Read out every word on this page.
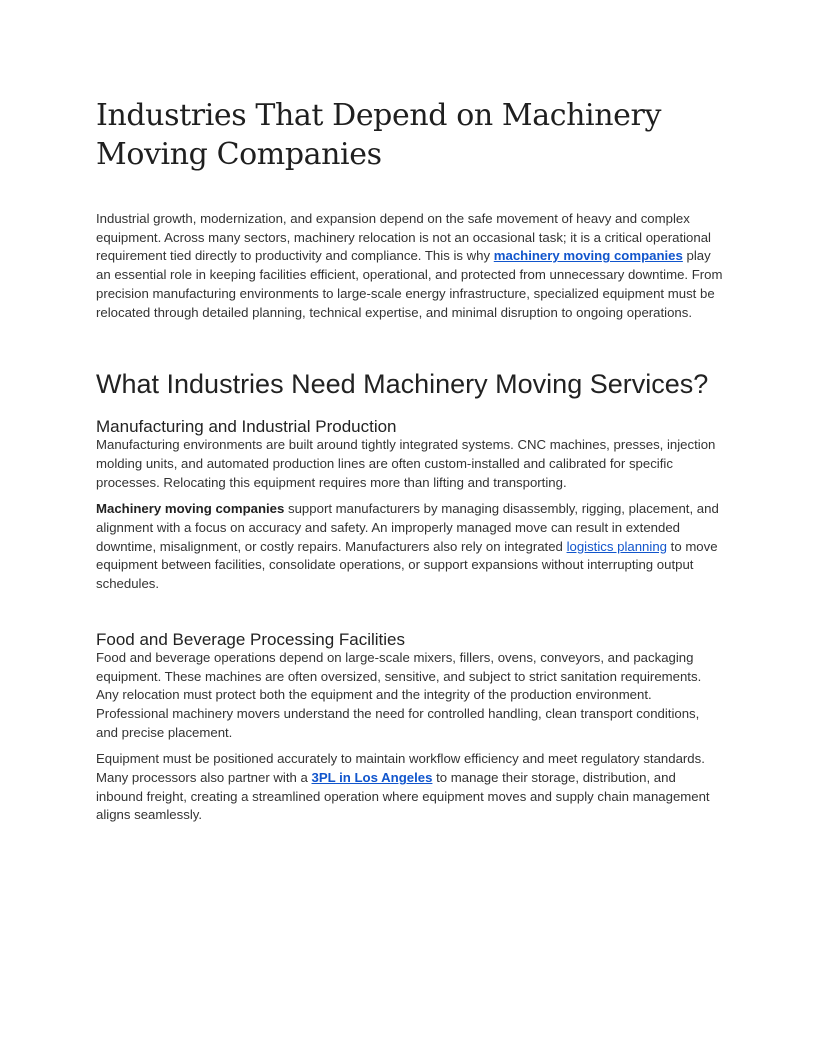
Industries That Depend on Machinery Moving Companies

Industrial growth, modernization, and expansion depend on the safe movement of heavy and complex equipment. Across many sectors, machinery relocation is not an occasional task; it is a critical operational requirement tied directly to productivity and compliance. This is why machinery moving companies play an essential role in keeping facilities efficient, operational, and protected from unnecessary downtime. From precision manufacturing environments to large-scale energy infrastructure, specialized equipment must be relocated through detailed planning, technical expertise, and minimal disruption to ongoing operations.

What Industries Need Machinery Moving Services?
Manufacturing and Industrial Production

Manufacturing environments are built around tightly integrated systems. CNC machines, presses, injection molding units, and automated production lines are often custom-installed and calibrated for specific processes. Relocating this equipment requires more than lifting and transporting.

Machinery moving companies support manufacturers by managing disassembly, rigging, placement, and alignment with a focus on accuracy and safety. An improperly managed move can result in extended downtime, misalignment, or costly repairs. Manufacturers also rely on integrated logistics planning to move equipment between facilities, consolidate operations, or support expansions without interrupting output schedules.

Food and Beverage Processing Facilities

Food and beverage operations depend on large-scale mixers, fillers, ovens, conveyors, and packaging equipment. These machines are often oversized, sensitive, and subject to strict sanitation requirements. Any relocation must protect both the equipment and the integrity of the production environment. Professional machinery movers understand the need for controlled handling, clean transport conditions, and precise placement.

Equipment must be positioned accurately to maintain workflow efficiency and meet regulatory standards. Many processors also partner with a 3PL in Los Angeles to manage their storage, distribution, and inbound freight, creating a streamlined operation where equipment moves and supply chain management aligns seamlessly.
